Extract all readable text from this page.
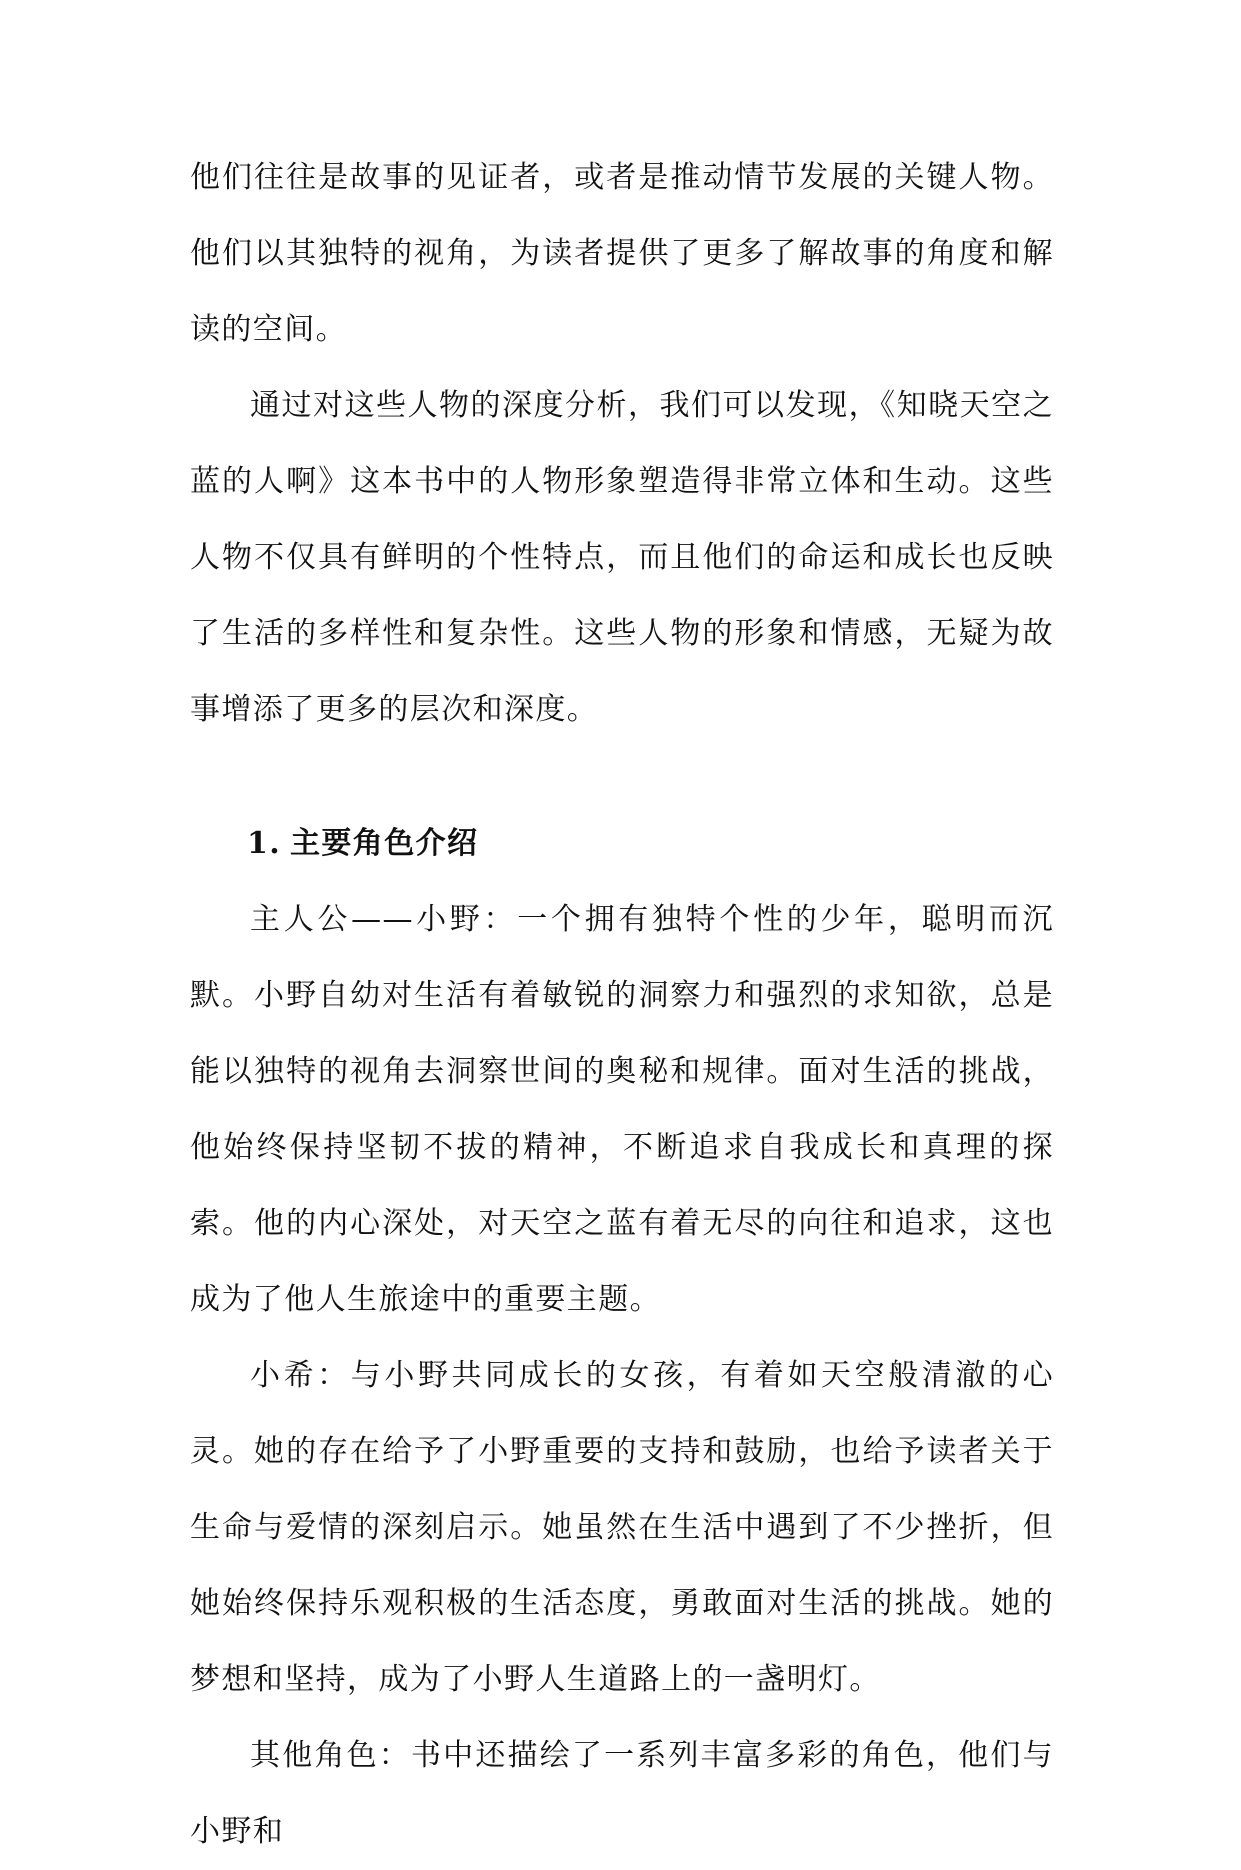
他们往往是故事的见证者，或者是推动情节发展的关键人物。他们以其独特的视角，为读者提供了更多了解故事的角度和解读的空间。

通过对这些人物的深度分析，我们可以发现，《知晓天空之蓝的人啊》这本书中的人物形象塑造得非常立体和生动。这些人物不仅具有鲜明的个性特点，而且他们的命运和成长也反映了生活的多样性和复杂性。这些人物的形象和情感，无疑为故事增添了更多的层次和深度。

1. 主要角色介绍

主人公——小野：一个拥有独特个性的少年，聪明而沉默。小野自幼对生活有着敏锐的洞察力和强烈的求知欲，总是能以独特的视角去洞察世间的奥秘和规律。面对生活的挑战，他始终保持坚韧不拔的精神，不断追求自我成长和真理的探索。他的内心深处，对天空之蓝有着无尽的向往和追求，这也成为了他人生旅途中的重要主题。

小希：与小野共同成长的女孩，有着如天空般清澈的心灵。她的存在给予了小野重要的支持和鼓励，也给予读者关于生命与爱情的深刻启示。她虽然在生活中遇到了不少挫折，但她始终保持乐观积极的生活态度，勇敢面对生活的挑战。她的梦想和坚持，成为了小野人生道路上的一盏明灯。

其他角色：书中还描绘了一系列丰富多彩的角色，他们与小野和
